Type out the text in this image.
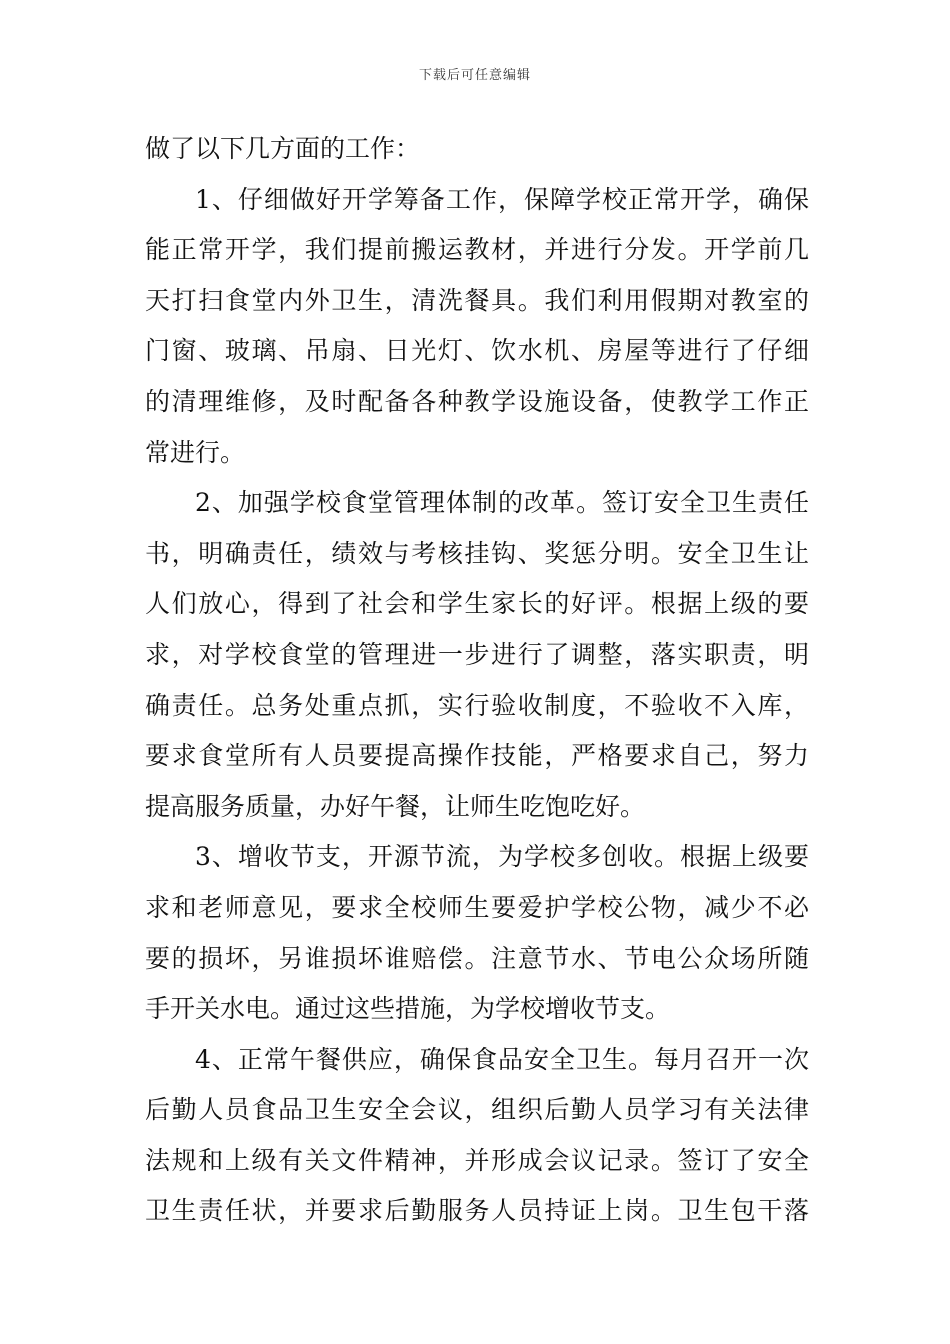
下载后可任意编辑
做了以下几方面的工作：
1、仔细做好开学筹备工作，保障学校正常开学，确保
能正常开学，我们提前搬运教材，并进行分发。开学前几
天打扫食堂内外卫生，清洗餐具。我们利用假期对教室的
门窗、玻璃、吊扇、日光灯、饮水机、房屋等进行了仔细
的清理维修，及时配备各种教学设施设备，使教学工作正
常进行。
2、加强学校食堂管理体制的改革。签订安全卫生责任
书，明确责任，绩效与考核挂钩、奖惩分明。安全卫生让
人们放心，得到了社会和学生家长的好评。根据上级的要
求，对学校食堂的管理进一步进行了调整，落实职责，明
确责任。总务处重点抓，实行验收制度，不验收不入库，
要求食堂所有人员要提高操作技能，严格要求自己，努力
提高服务质量，办好午餐，让师生吃饱吃好。
3、增收节支，开源节流，为学校多创收。根据上级要
求和老师意见，要求全校师生要爱护学校公物，减少不必
要的损坏，另谁损坏谁赔偿。注意节水、节电公众场所随
手开关水电。通过这些措施，为学校增收节支。
4、正常午餐供应，确保食品安全卫生。每月召开一次
后勤人员食品卫生安全会议，组织后勤人员学习有关法律
法规和上级有关文件精神，并形成会议记录。签订了安全
卫生责任状，并要求后勤服务人员持证上岗。卫生包干落
